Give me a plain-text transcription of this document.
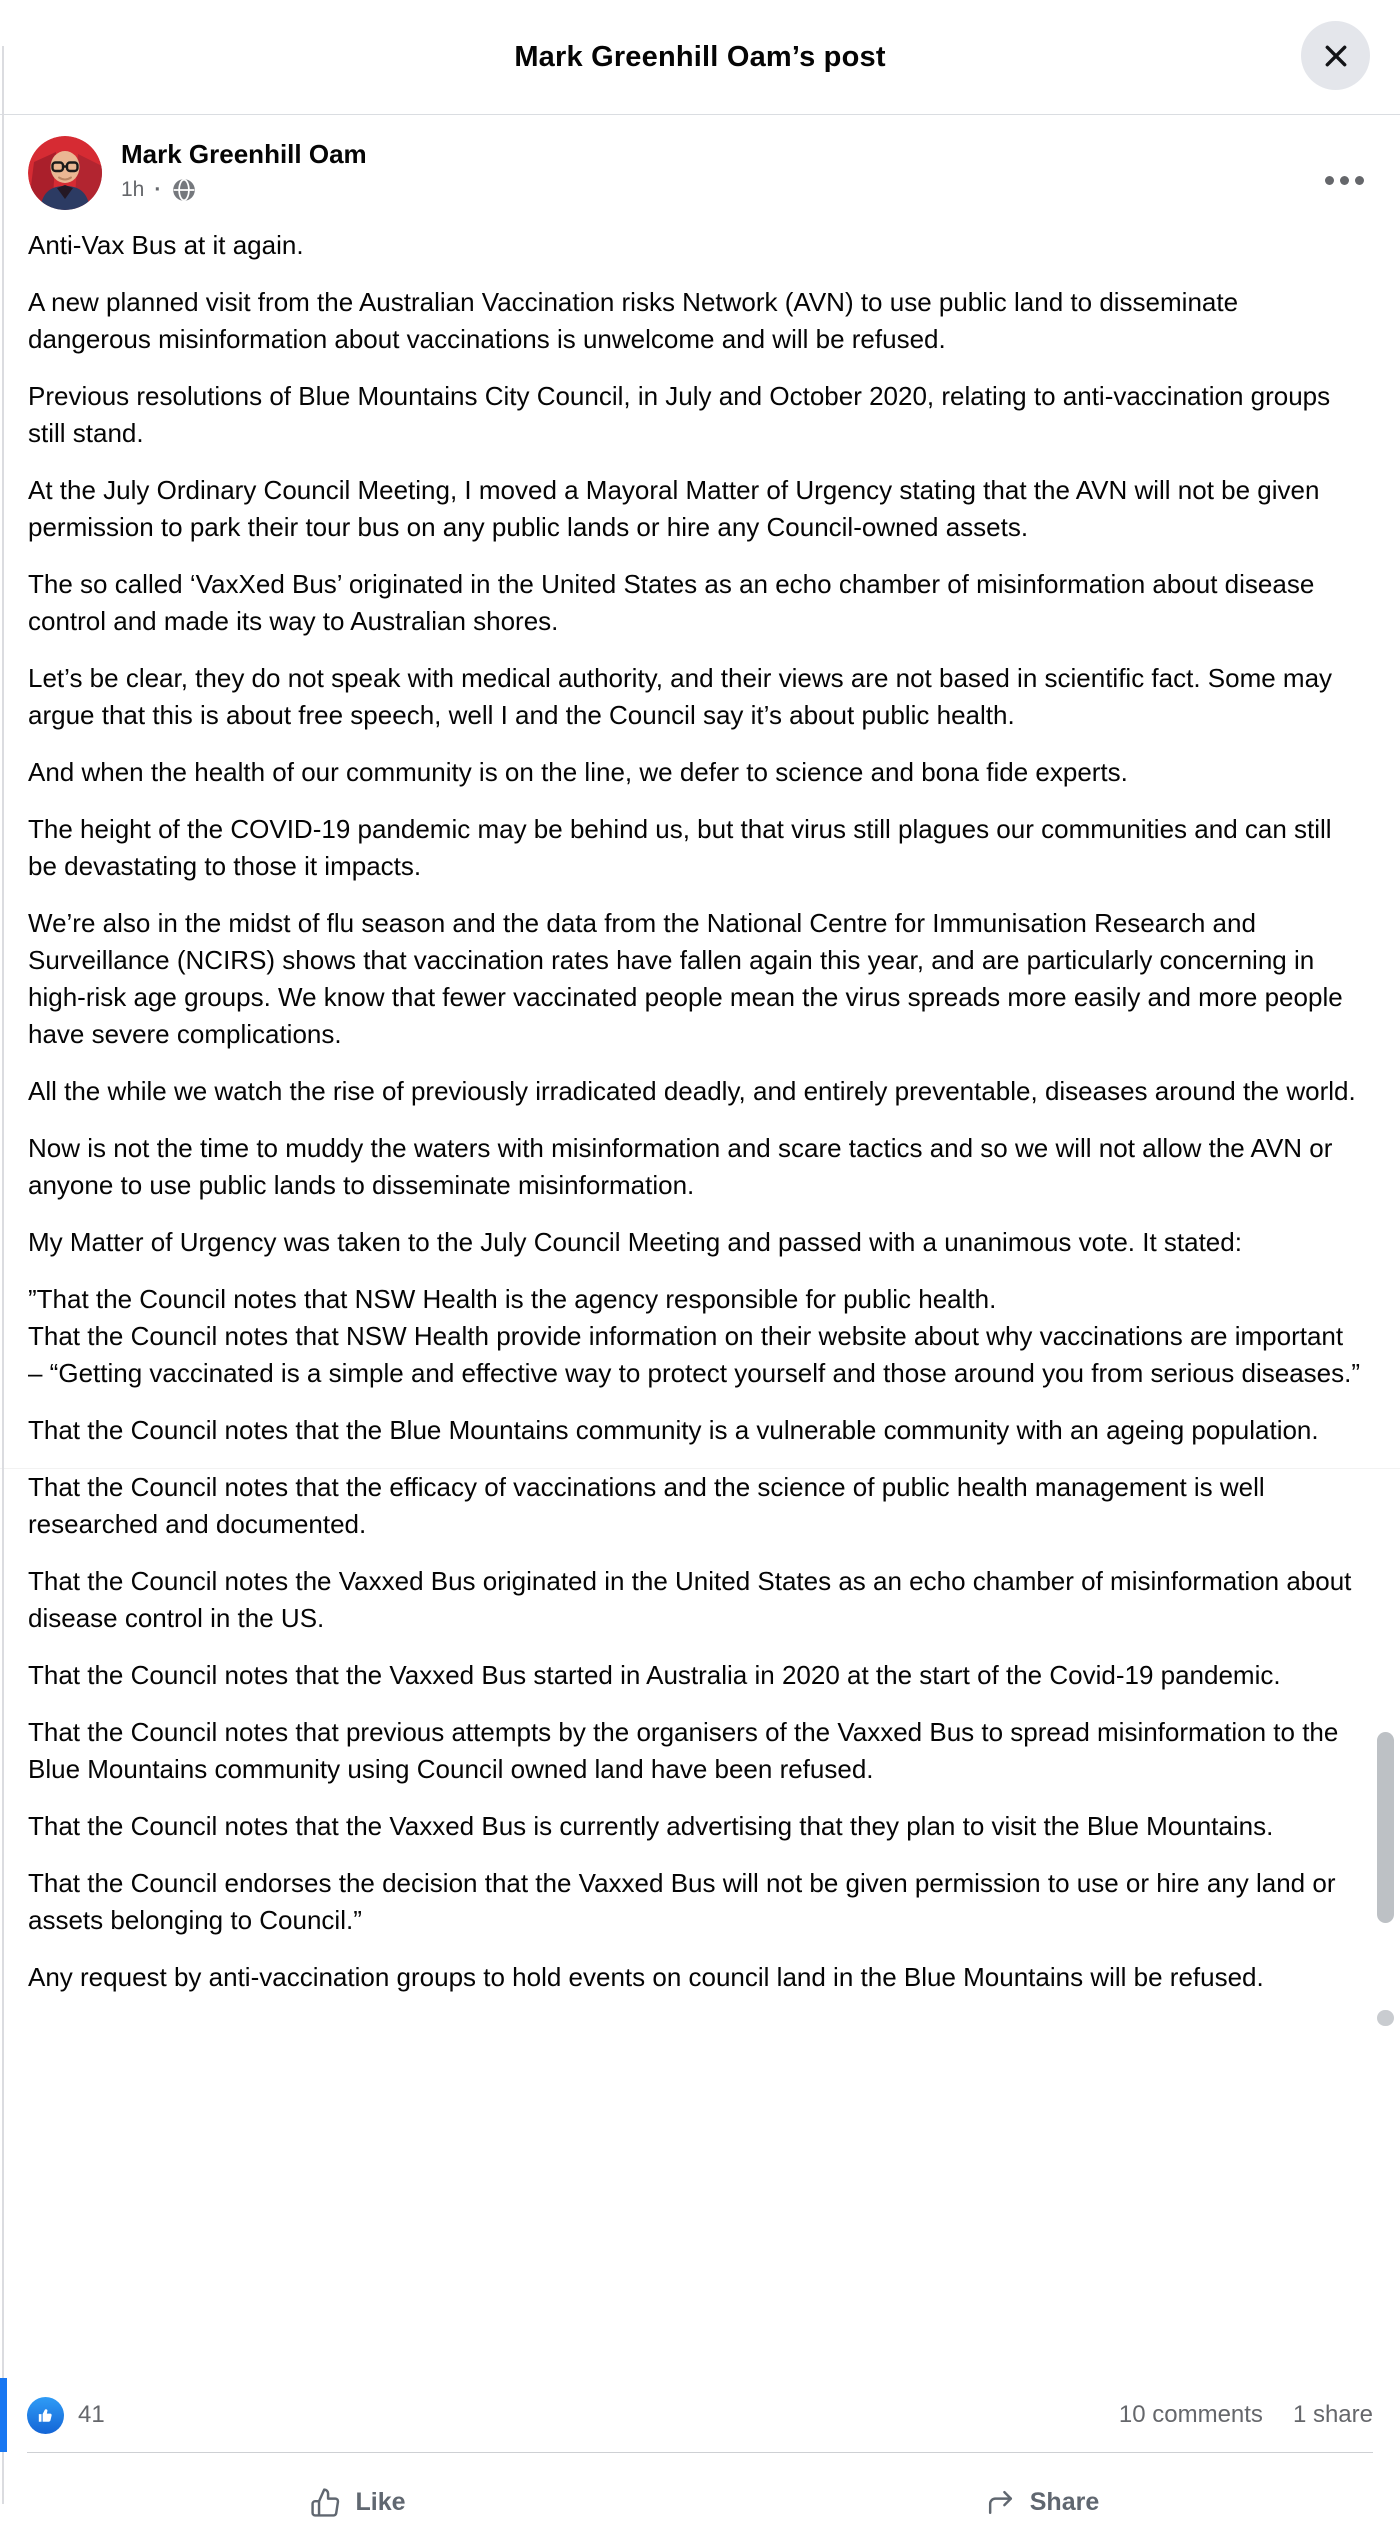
Mark Greenhill Oam’s post
Mark Greenhill Oam
1h ·

Anti-Vax Bus at it again.

A new planned visit from the Australian Vaccination risks Network (AVN) to use public land to disseminate dangerous misinformation about vaccinations is unwelcome and will be refused.

Previous resolutions of Blue Mountains City Council, in July and October 2020, relating to anti-vaccination groups still stand.

At the July Ordinary Council Meeting, I moved a Mayoral Matter of Urgency stating that the AVN will not be given permission to park their tour bus on any public lands or hire any Council-owned assets.

The so called ‘VaxXed Bus’ originated in the United States as an echo chamber of misinformation about disease control and made its way to Australian shores.

Let’s be clear, they do not speak with medical authority, and their views are not based in scientific fact. Some may argue that this is about free speech, well I and the Council say it’s about public health.

And when the health of our community is on the line, we defer to science and bona fide experts.

The height of the COVID-19 pandemic may be behind us, but that virus still plagues our communities and can still be devastating to those it impacts.

We’re also in the midst of flu season and the data from the National Centre for Immunisation Research and Surveillance (NCIRS) shows that vaccination rates have fallen again this year, and are particularly concerning in high-risk age groups. We know that fewer vaccinated people mean the virus spreads more easily and more people have severe complications.

All the while we watch the rise of previously irradicated deadly, and entirely preventable, diseases around the world.

Now is not the time to muddy the waters with misinformation and scare tactics and so we will not allow the AVN or anyone to use public lands to disseminate misinformation.

My Matter of Urgency was taken to the July Council Meeting and passed with a unanimous vote. It stated:

”That the Council notes that NSW Health is the agency responsible for public health.
That the Council notes that NSW Health provide information on their website about why vaccinations are important – “Getting vaccinated is a simple and effective way to protect yourself and those around you from serious diseases.”

That the Council notes that the Blue Mountains community is a vulnerable community with an ageing population.

That the Council notes that the efficacy of vaccinations and the science of public health management is well researched and documented.

That the Council notes the Vaxxed Bus originated in the United States as an echo chamber of misinformation about disease control in the US.

That the Council notes that the Vaxxed Bus started in Australia in 2020 at the start of the Covid-19 pandemic.

That the Council notes that previous attempts by the organisers of the Vaxxed Bus to spread misinformation to the Blue Mountains community using Council owned land have been refused.

That the Council notes that the Vaxxed Bus is currently advertising that they plan to visit the Blue Mountains.

That the Council endorses the decision that the Vaxxed Bus will not be given permission to use or hire any land or assets belonging to Council.”

Any request by anti-vaccination groups to hold events on council land in the Blue Mountains will be refused.

41	10 comments 1 share
Like	Share
